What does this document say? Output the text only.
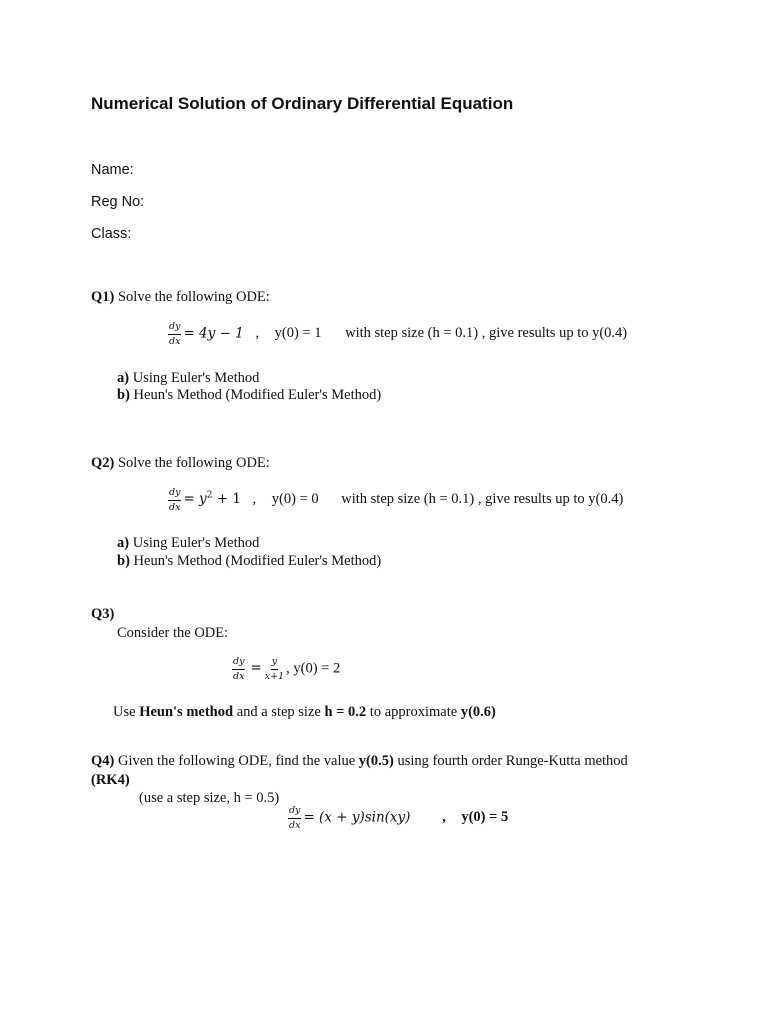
Numerical Solution of Ordinary Differential Equation
Name:
Reg No:
Class:
Q1) Solve the following ODE:
$\frac{dy}{dx} = 4y - 1$ , y(0) = 1 with step size (h = 0.1) , give results up to y(0.4)
a) Using Euler's Method
b) Heun's Method (Modified Euler's Method)
Q2) Solve the following ODE:
$\frac{dy}{dx} = y^2 + 1$ , y(0) = 0 with step size (h = 0.1) , give results up to y(0.4)
a) Using Euler's Method
b) Heun's Method (Modified Euler's Method)
Q3)
Consider the ODE:
$\frac{dy}{dx} = \frac{y}{x+1}$ , y(0) = 2
Use Heun's method and a step size h = 0.2 to approximate y(0.6)
Q4) Given the following ODE, find the value y(0.5) using fourth order Runge-Kutta method
(RK4)
(use a step size, h = 0.5)
$\frac{dy}{dx} = (x + y)\sin(xy)$ , y(0) = 5
